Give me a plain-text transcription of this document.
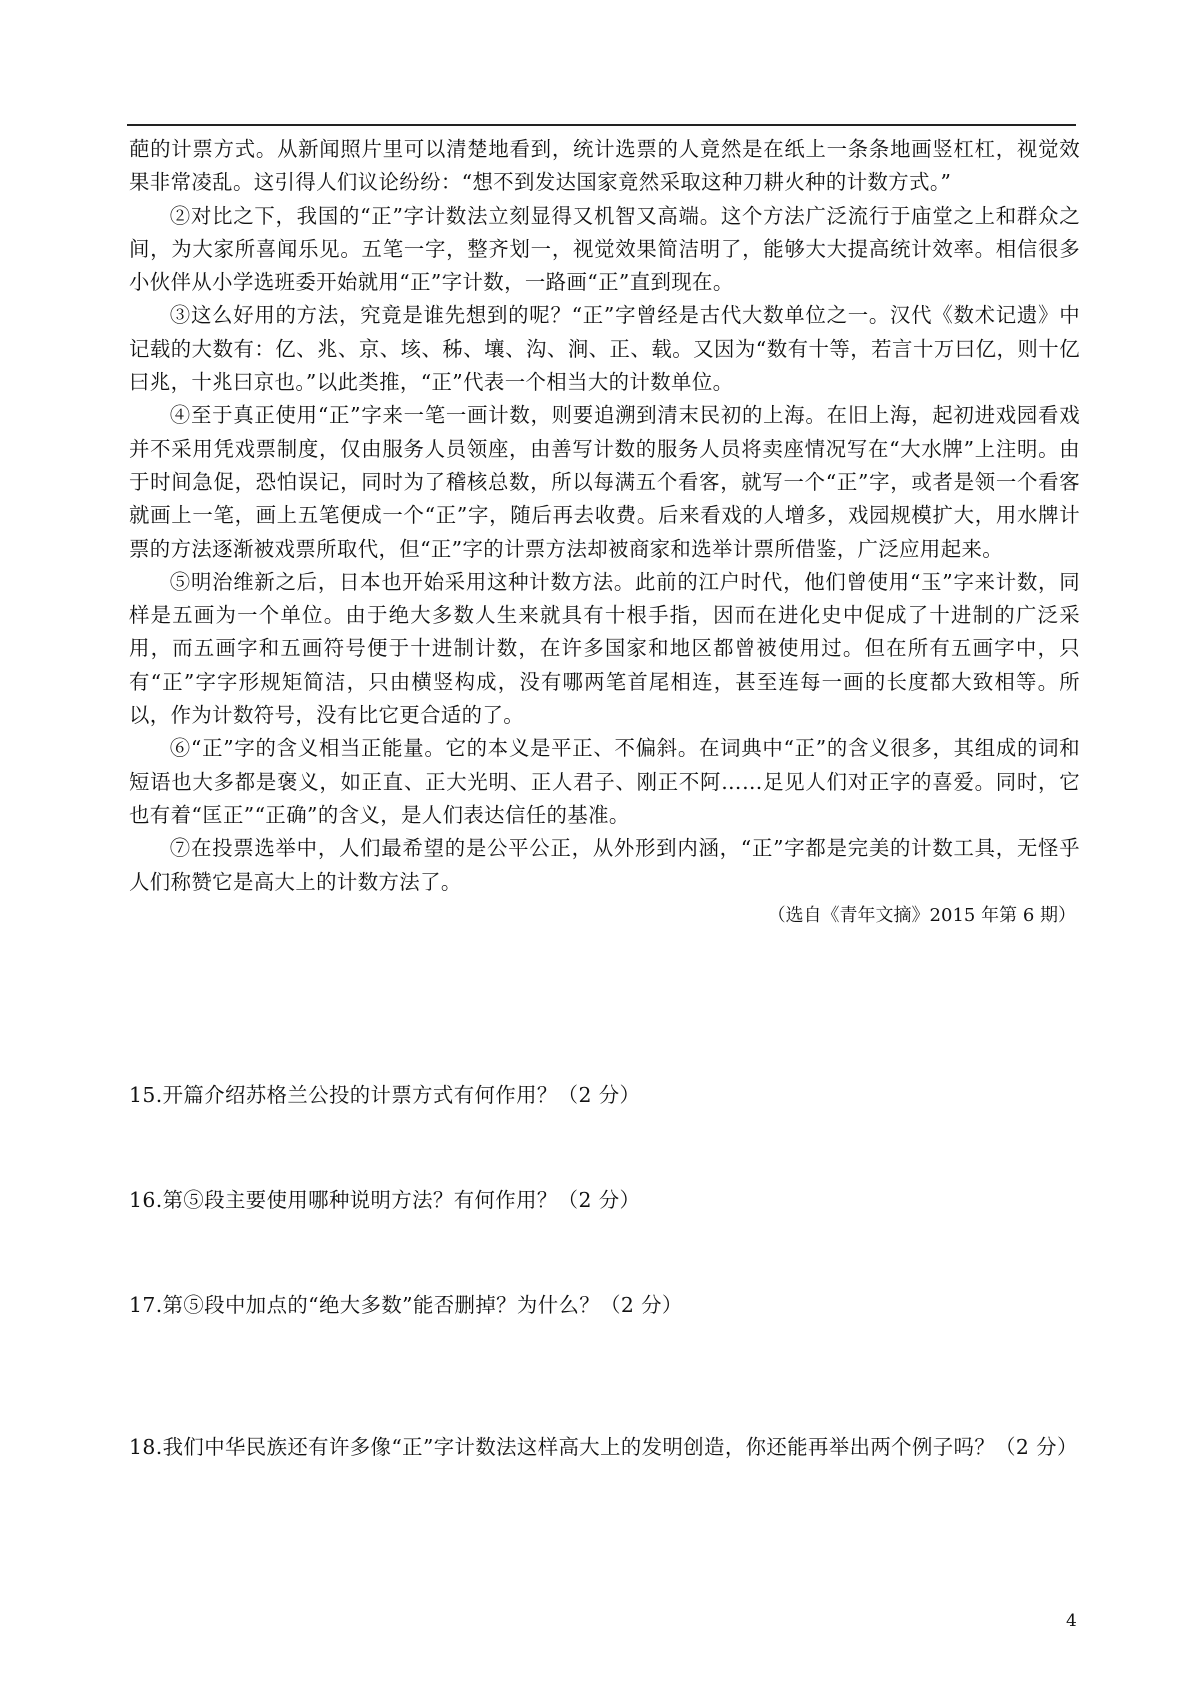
葩的计票方式。从新闻照片里可以清楚地看到，统计选票的人竟然是在纸上一条条地画竖杠杠，视觉效果非常凌乱。这引得人们议论纷纷：“想不到发达国家竟然采取这种刀耕火种的计数方式。”

②对比之下，我国的“正”字计数法立刻显得又机智又高端。这个方法广泛流行于庙堂之上和群众之间，为大家所喜闻乐见。五笔一字，整齐划一，视觉效果简洁明了，能够大大提高统计效率。相信很多小伙伴从小学选班委开始就用“正”字计数，一路画“正”直到现在。

③这么好用的方法，究竟是谁先想到的呢？“正”字曾经是古代大数单位之一。汉代《数术记遗》中记载的大数有：亿、兆、京、垓、秭、壤、沟、涧、正、载。又因为“数有十等，若言十万曰亿，则十亿曰兆，十兆曰京也。”以此类推，“正”代表一个相当大的计数单位。

④至于真正使用“正”字来一笔一画计数，则要追溯到清末民初的上海。在旧上海，起初进戏园看戏并不采用凭戏票制度，仅由服务人员领座，由善写计数的服务人员将卖座情况写在“大水牌”上注明。由于时间急促，恐怕误记，同时为了稽核总数，所以每满五个看客，就写一个“正”字，或者是领一个看客就画上一笔，画上五笔便成一个“正”字，随后再去收费。后来看戏的人增多，戏园规模扩大，用水牌计票的方法逐渐被戏票所取代，但“正”字的计票方法却被商家和选举计票所借鉴，广泛应用起来。

⑤明治维新之后，日本也开始采用这种计数方法。此前的江户时代，他们曾使用“玉”字来计数，同样是五画为一个单位。由于绝大多数人生来就具有十根手指，因而在进化史中促成了十进制的广泛采用，而五画字和五画符号便于十进制计数，在许多国家和地区都曾被使用过。但在所有五画字中，只有“正”字字形规矩简洁，只由横竖构成，没有哪两笔首尾相连，甚至连每一画的长度都大致相等。所以，作为计数符号，没有比它更合适的了。

⑥“正”字的含义相当正能量。它的本义是平正、不偏斜。在词典中“正”的含义很多，其组成的词和短语也大多都是褒义，如正直、正大光明、正人君子、刚正不阿……足见人们对正字的喜爱。同时，它也有着“匡正”“正确”的含义，是人们表达信任的基准。

⑦在投票选举中，人们最希望的是公平公正，从外形到内涵，“正”字都是完美的计数工具，无怪乎人们称赞它是高大上的计数方法了。

（选自《青年文摘》2015 年第 6 期）

15.开篇介绍苏格兰公投的计票方式有何作用？（2 分）

16.第⑤段主要使用哪种说明方法？有何作用？（2 分）

17.第⑤段中加点的“绝大多数”能否删掉？为什么？（2 分）

18.我们中华民族还有许多像“正”字计数法这样高大上的发明创造，你还能再举出两个例子吗？（2 分）

4
